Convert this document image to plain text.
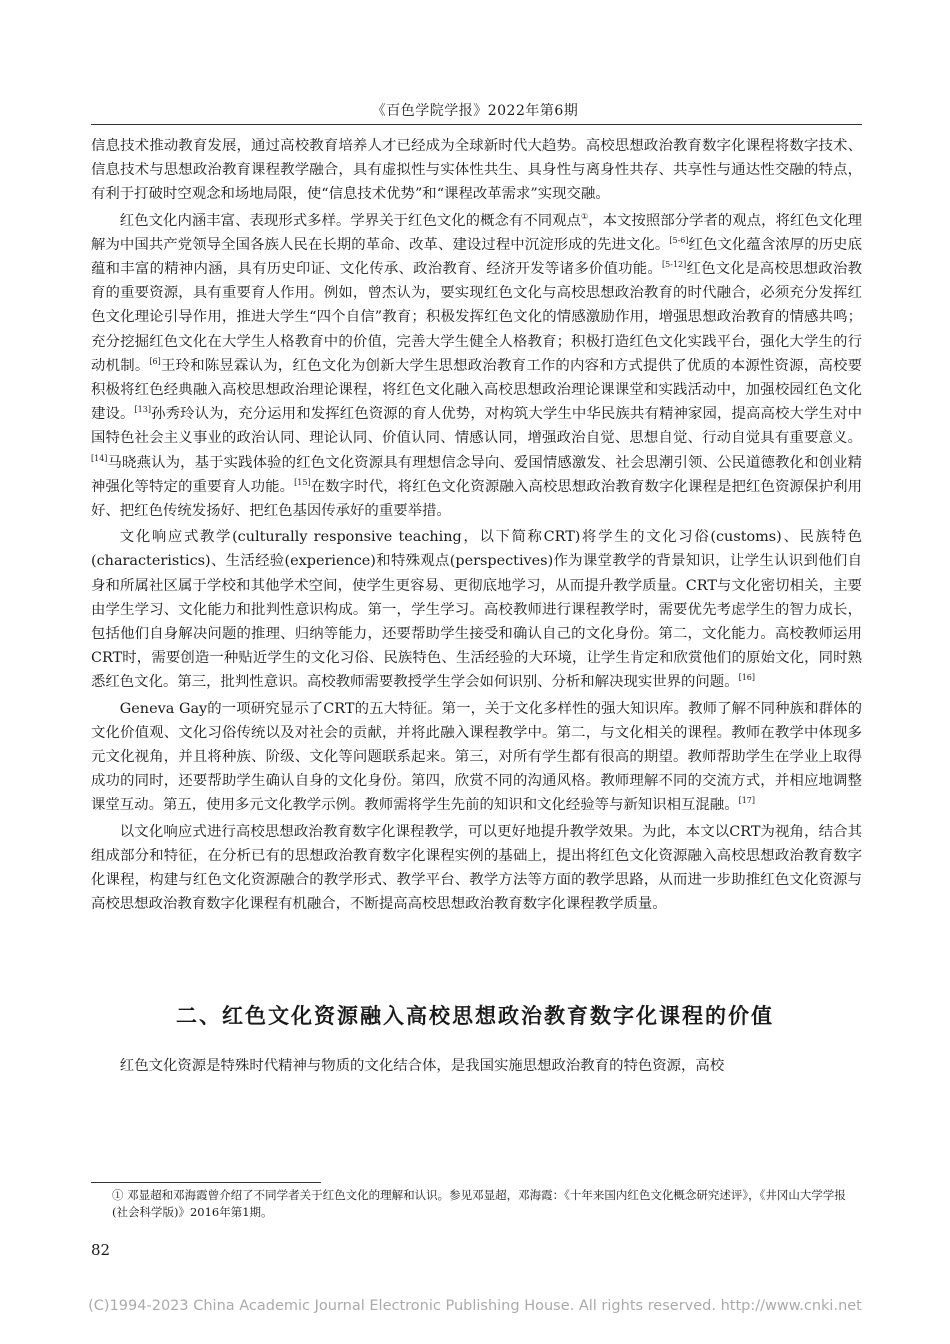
《百色学院学报》2022年第6期

信息技术推动教育发展，通过高校教育培养人才已经成为全球新时代大趋势。高校思想政治教育数字化课程将数字技术、信息技术与思想政治教育课程教学融合，具有虚拟性与实体性共生、具身性与离身性共存、共享性与通达性交融的特点，有利于打破时空观念和场地局限，使“信息技术优势”和“课程改革需求”实现交融。

红色文化内涵丰富、表现形式多样。学界关于红色文化的概念有不同观点①，本文按照部分学者的观点，将红色文化理解为中国共产党领导全国各族人民在长期的革命、改革、建设过程中沉淀形成的先进文化。[5-6]红色文化蕴含浓厚的历史底蕴和丰富的精神内涵，具有历史印证、文化传承、政治教育、经济开发等诸多价值功能。[5-12]红色文化是高校思想政治教育的重要资源，具有重要育人作用。例如，曾杰认为，要实现红色文化与高校思想政治教育的时代融合，必须充分发挥红色文化理论引导作用，推进大学生“四个自信”教育；积极发挥红色文化的情感激励作用，增强思想政治教育的情感共鸣；充分挖掘红色文化在大学生人格教育中的价值，完善大学生健全人格教育；积极打造红色文化实践平台，强化大学生的行动机制。[6]王玲和陈昱霖认为，红色文化为创新大学生思想政治教育工作的内容和方式提供了优质的本源性资源，高校要积极将红色经典融入高校思想政治理论课程，将红色文化融入高校思想政治理论课课堂和实践活动中，加强校园红色文化建设。[13]孙秀玲认为，充分运用和发挥红色资源的育人优势，对构筑大学生中华民族共有精神家园，提高高校大学生对中国特色社会主义事业的政治认同、理论认同、价值认同、情感认同，增强政治自觉、思想自觉、行动自觉具有重要意义。[14]马晓燕认为，基于实践体验的红色文化资源具有理想信念导向、爱国情感激发、社会思潮引领、公民道德教化和创业精神强化等特定的重要育人功能。[15]在数字时代，将红色文化资源融入高校思想政治教育数字化课程是把红色资源保护利用好、把红色传统发扬好、把红色基因传承好的重要举措。

文化响应式教学(culturally responsive teaching，以下简称CRT)将学生的文化习俗(customs)、民族特色(characteristics)、生活经验(experience)和特殊观点(perspectives)作为课堂教学的背景知识，让学生认识到他们自身和所属社区属于学校和其他学术空间，使学生更容易、更彻底地学习，从而提升教学质量。CRT与文化密切相关，主要由学生学习、文化能力和批判性意识构成。第一，学生学习。高校教师进行课程教学时，需要优先考虑学生的智力成长，包括他们自身解决问题的推理、归纳等能力，还要帮助学生接受和确认自己的文化身份。第二，文化能力。高校教师运用CRT时，需要创造一种贴近学生的文化习俗、民族特色、生活经验的大环境，让学生肯定和欣赏他们的原始文化，同时熟悉红色文化。第三，批判性意识。高校教师需要教授学生学会如何识别、分析和解决现实世界的问题。[16]

Geneva Gay的一项研究显示了CRT的五大特征。第一，关于文化多样性的强大知识库。教师了解不同种族和群体的文化价值观、文化习俗传统以及对社会的贡献，并将此融入课程教学中。第二，与文化相关的课程。教师在教学中体现多元文化视角，并且将种族、阶级、文化等问题联系起来。第三，对所有学生都有很高的期望。教师帮助学生在学业上取得成功的同时，还要帮助学生确认自身的文化身份。第四，欣赏不同的沟通风格。教师理解不同的交流方式，并相应地调整课堂互动。第五，使用多元文化教学示例。教师需将学生先前的知识和文化经验等与新知识相互混融。[17]

以文化响应式进行高校思想政治教育数字化课程教学，可以更好地提升教学效果。为此，本文以CRT为视角，结合其组成部分和特征，在分析已有的思想政治教育数字化课程实例的基础上，提出将红色文化资源融入高校思想政治教育数字化课程，构建与红色文化资源融合的教学形式、教学平台、教学方法等方面的教学思路，从而进一步助推红色文化资源与高校思想政治教育数字化课程有机融合，不断提高高校思想政治教育数字化课程教学质量。

二、红色文化资源融入高校思想政治教育数字化课程的价值
红色文化资源是特殊时代精神与物质的文化结合体，是我国实施思想政治教育的特色资源，高校
① 邓显超和邓海霞曾介绍了不同学者关于红色文化的理解和认识。参见邓显超，邓海霞：《十年来国内红色文化概念研究述评》，《井冈山大学学报(社会科学版)》2016年第1期。
82
(C)1994-2023 China Academic Journal Electronic Publishing House. All rights reserved. http://www.cnki.net
